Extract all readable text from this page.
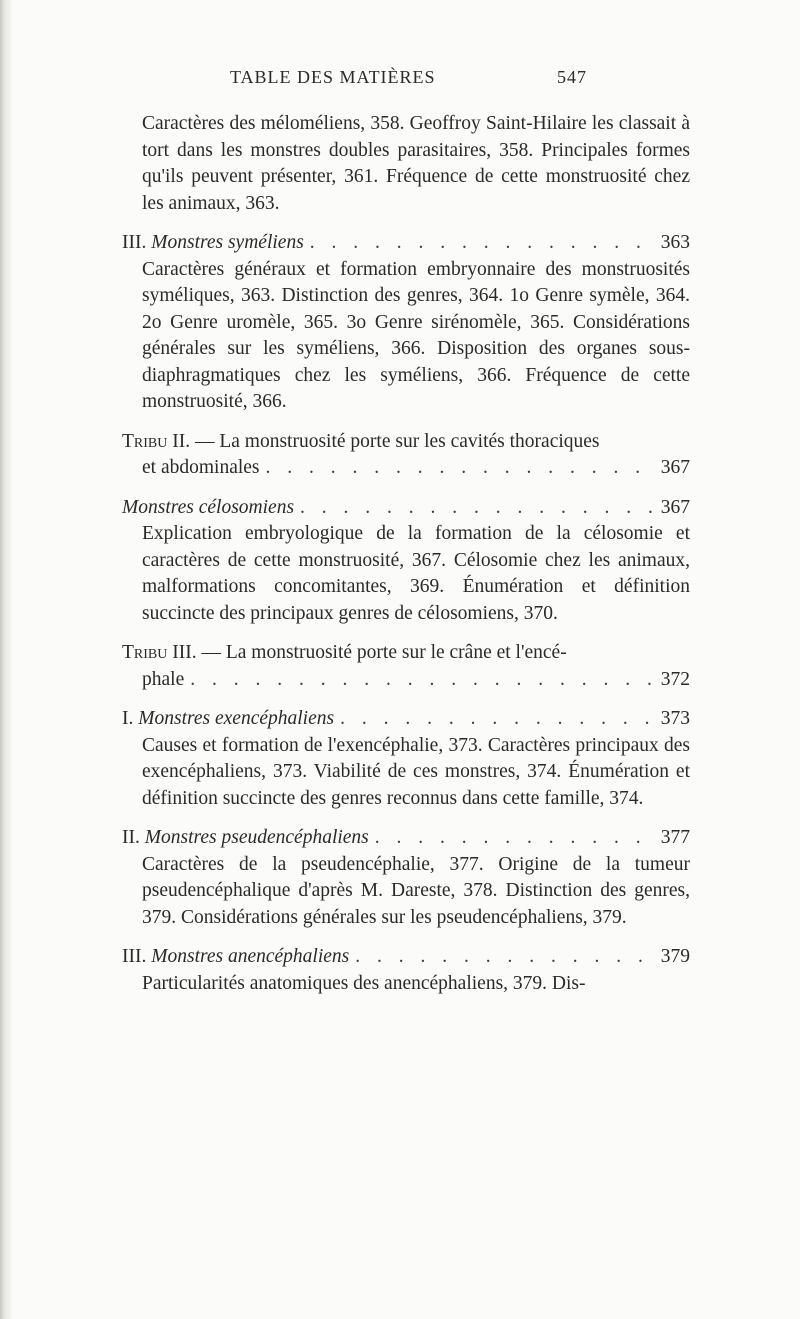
TABLE DES MATIÈRES	547
Caractères des méloméliens, 358. Geoffroy Saint-Hilaire les classait à tort dans les monstres doubles parasitaires, 358. Principales formes qu'ils peuvent présenter, 361. Fréquence de cette monstruosité chez les animaux, 363.
III. Monstres syméliens . . .	363
Caractères généraux et formation embryonnaire des monstruosités syméliques, 363. Distinction des genres, 364. 1o Genre symèle, 364. 2o Genre uromèle, 365. 3o Genre sirénomèle, 365. Considérations générales sur les syméliens, 366. Disposition des organes sous-diaphragmatiques chez les syméliens, 366. Fréquence de cette monstruosité, 366.
Tribu II. — La monstruosité porte sur les cavités thoraciques
et abdominales . . .	367
Monstres célosomiens . . .	367
Explication embryologique de la formation de la célosomie et caractères de cette monstruosité, 367. Célosomie chez les animaux, malformations concomitantes, 369. Énumération et définition succincte des principaux genres de célosomiens, 370.
Tribu III. — La monstruosité porte sur le crâne et l'encé-
phale . . .	372
I. Monstres exencéphaliens . . .	373
Causes et formation de l'exencéphalie, 373. Caractères principaux des exencéphaliens, 373. Viabilité de ces monstres, 374. Énumération et définition succincte des genres reconnus dans cette famille, 374.
II. Monstres pseudencéphaliens . . .	377
Caractères de la pseudencéphalie, 377. Origine de la tumeur pseudencéphalique d'après M. Dareste, 378. Distinction des genres, 379. Considérations générales sur les pseudencéphaliens, 379.
III. Monstres anencéphaliens . . .	379
Particularités anatomiques des anencéphaliens, 379. Dis-
